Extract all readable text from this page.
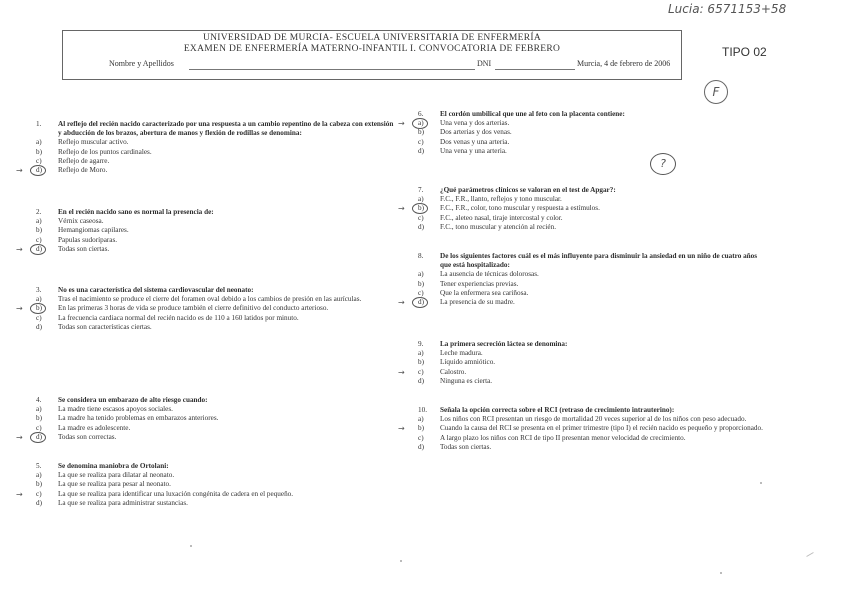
Lucia: 6571153+58
UNIVERSIDAD DE MURCIA- ESCUELA UNIVERSITARIA DE ENFERMERÍA
EXAMEN DE ENFERMERÍA MATERNO-INFANTIL I. CONVOCATORIA DE FEBRERO
Nombre y Apellidos	DNI	Murcia, 4 de febrero de 2006
TIPO 02
F
?
1. Al reflejo del recién nacido caracterizado por una respuesta a un cambio repentino de la cabeza con extensión y abducción de los brazos, abertura de manos y flexión de rodillas se denomina:
a) Reflejo muscular activo.
b) Reflejo de los puntos cardinales.
c) Reflejo de agarre.
→ d) Reflejo de Moro.
2. En el recién nacido sano es normal la presencia de:
a) Vérnix caseosa.
b) Hemangiomas capilares.
c) Papulas sudoríparas.
→ d) Todas son ciertas.
3. No es una característica del sistema cardiovascular del neonato:
a) Tras el nacimiento se produce el cierre del foramen oval debido a los cambios de presión en las aurículas.
→ b) En las primeras 3 horas de vida se produce también el cierre definitivo del conducto arterioso.
c) La frecuencia cardiaca normal del recién nacido es de 110 a 160 latidos por minuto.
d) Todas son características ciertas.
4. Se considera un embarazo de alto riesgo cuando:
a) La madre tiene escasos apoyos sociales.
b) La madre ha tenido problemas en embarazos anteriores.
c) La madre es adolescente.
→ d) Todas son correctas.
5. Se denomina maniobra de Ortolani:
a) La que se realiza para dilatar al neonato.
b) La que se realiza para pesar al neonato.
→ c) La que se realiza para identificar una luxación congénita de cadera en el pequeño.
d) La que se realiza para administrar sustancias.
6. El cordón umbilical que une al feto con la placenta contiene:
→ a) Una vena y dos arterias.
b) Dos arterias y dos venas.
c) Dos venas y una arteria.
d) Una vena y una arteria.
7. ¿Qué parámetros clínicos se valoran en el test de Apgar?:
a) F.C., F.R., llanto, reflejos y tono muscular.
→ b) F.C., F.R., color, tono muscular y respuesta a estímulos.
c) F.C., aleteo nasal, tiraje intercostal y color.
d) F.C., tono muscular y atención al recién.
8. De los siguientes factores cuál es el más influyente para disminuir la ansiedad en un niño de cuatro años que está hospitalizado:
a) La ausencia de técnicas dolorosas.
b) Tener experiencias previas.
c) Que la enfermera sea cariñosa.
→ d) La presencia de su madre.
9. La primera secreción láctea se denomina:
a) Leche madura.
b) Líquido amniótico.
→ c) Calostro.
d) Ninguna es cierta.
10. Señala la opción correcta sobre el RCI (retraso de crecimiento intrauterino):
a) Los niños con RCI presentan un riesgo de mortalidad 20 veces superior al de los niños con peso adecuado.
→ b) Cuando la causa del RCI se presenta en el primer trimestre (tipo I) el recién nacido es pequeño y proporcionado.
c) A largo plazo los niños con RCI de tipo II presentan menor velocidad de crecimiento.
d) Todas son ciertas.
